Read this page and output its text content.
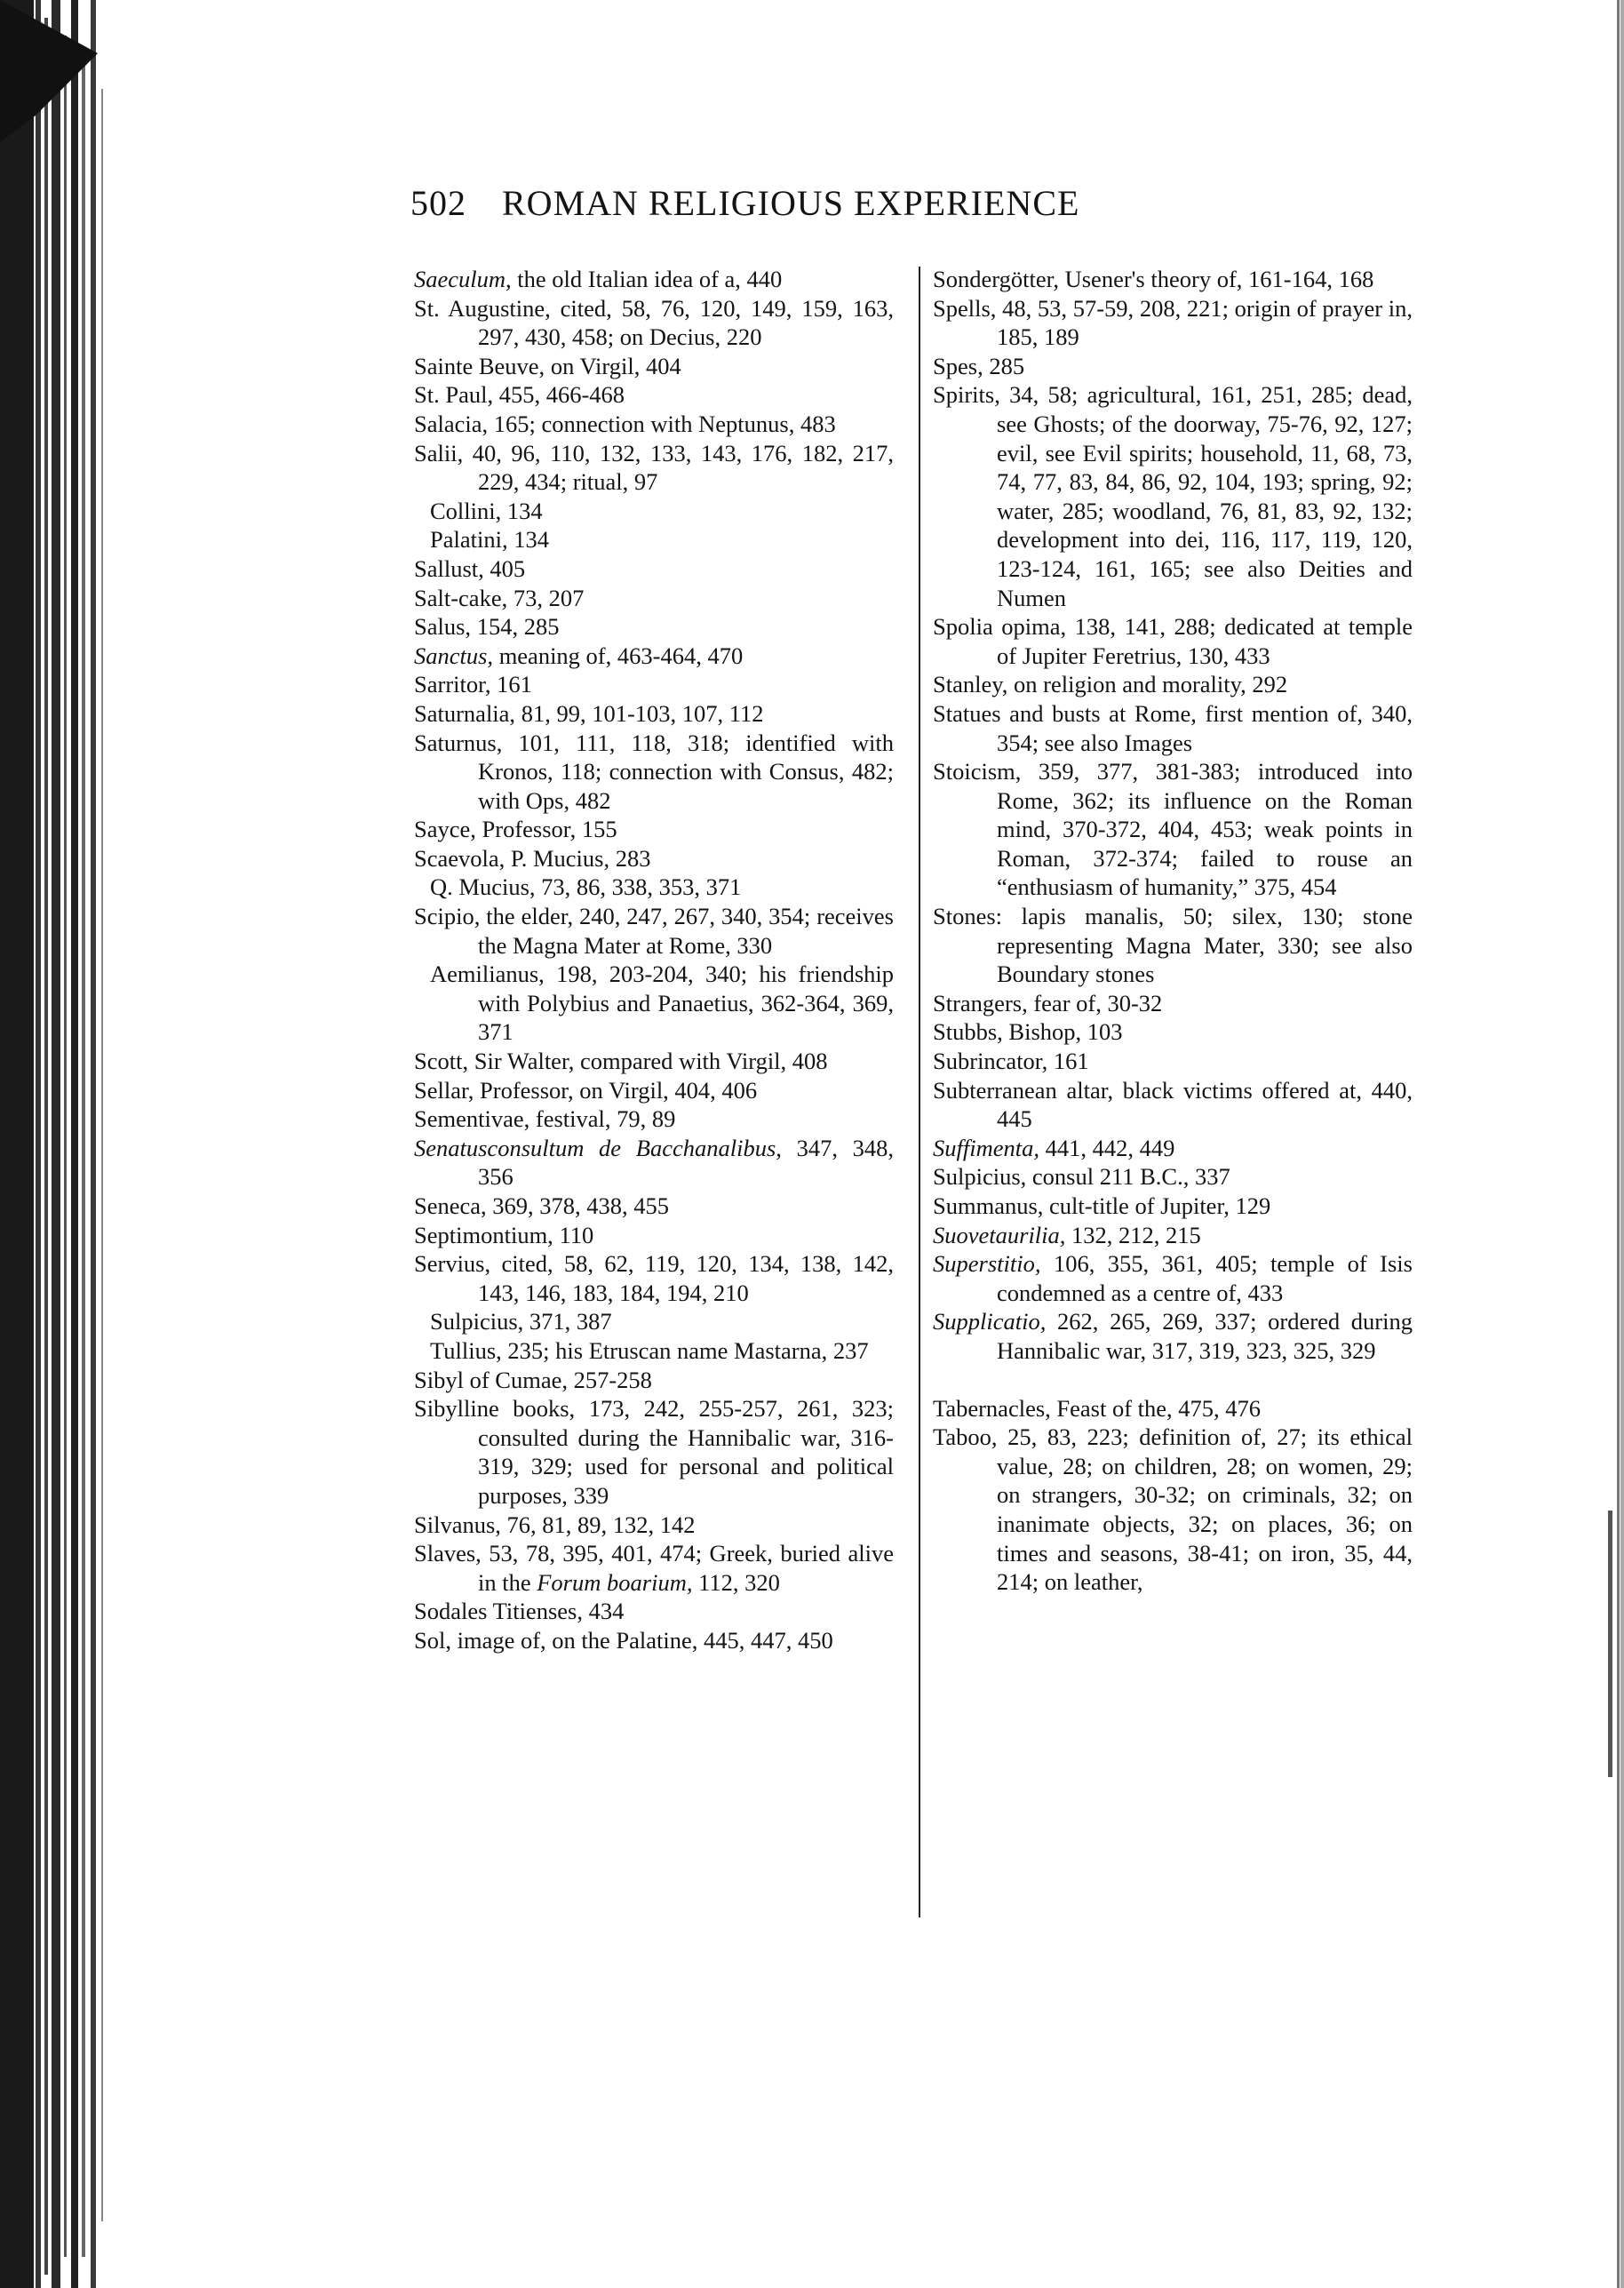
502 ROMAN RELIGIOUS EXPERIENCE

Saeculum, the old Italian idea of a, 440

St. Augustine, cited, 58, 76, 120, 149, 159, 163, 297, 430, 458; on Decius, 220

Sainte Beuve, on Virgil, 404

St. Paul, 455, 466-468

Salacia, 165; connection with Neptunus, 483

Salii, 40, 96, 110, 132, 133, 143, 176, 182, 217, 229, 434; ritual, 97

Collini, 134

Palatini, 134

Sallust, 405

Salt-cake, 73, 207

Salus, 154, 285

Sanctus, meaning of, 463-464, 470

Sarritor, 161

Saturnalia, 81, 99, 101-103, 107, 112

Saturnus, 101, 111, 118, 318; identified with Kronos, 118; connection with Consus, 482; with Ops, 482

Sayce, Professor, 155

Scaevola, P. Mucius, 283

Q. Mucius, 73, 86, 338, 353, 371

Scipio, the elder, 240, 247, 267, 340, 354; receives the Magna Mater at Rome, 330

Aemilianus, 198, 203-204, 340; his friendship with Polybius and Panaetius, 362-364, 369, 371

Scott, Sir Walter, compared with Virgil, 408

Sellar, Professor, on Virgil, 404, 406

Sementivae, festival, 79, 89

Senatusconsultum de Bacchanalibus, 347, 348, 356

Seneca, 369, 378, 438, 455

Septimontium, 110

Servius, cited, 58, 62, 119, 120, 134, 138, 142, 143, 146, 183, 184, 194, 210

Sulpicius, 371, 387

Tullius, 235; his Etruscan name Mastarna, 237

Sibyl of Cumae, 257-258

Sibylline books, 173, 242, 255-257, 261, 323; consulted during the Hannibalic war, 316-319, 329; used for personal and political purposes, 339

Silvanus, 76, 81, 89, 132, 142

Slaves, 53, 78, 395, 401, 474; Greek, buried alive in the Forum boarium, 112, 320

Sodales Titienses, 434

Sol, image of, on the Palatine, 445, 447, 450

Sondergötter, Usener's theory of, 161-164, 168

Spells, 48, 53, 57-59, 208, 221; origin of prayer in, 185, 189

Spes, 285

Spirits, 34, 58; agricultural, 161, 251, 285; dead, see Ghosts; of the doorway, 75-76, 92, 127; evil, see Evil spirits; household, 11, 68, 73, 74, 77, 83, 84, 86, 92, 104, 193; spring, 92; water, 285; woodland, 76, 81, 83, 92, 132; development into dei, 116, 117, 119, 120, 123-124, 161, 165; see also Deities and Numen

Spolia opima, 138, 141, 288; dedicated at temple of Jupiter Feretrius, 130, 433

Stanley, on religion and morality, 292

Statues and busts at Rome, first mention of, 340, 354; see also Images

Stoicism, 359, 377, 381-383; introduced into Rome, 362; its influence on the Roman mind, 370-372, 404, 453; weak points in Roman, 372-374; failed to rouse an “enthusiasm of humanity,” 375, 454

Stones: lapis manalis, 50; silex, 130; stone representing Magna Mater, 330; see also Boundary stones

Strangers, fear of, 30-32

Stubbs, Bishop, 103

Subrincator, 161

Subterranean altar, black victims offered at, 440, 445

Suffimenta, 441, 442, 449

Sulpicius, consul 211 B.C., 337

Summanus, cult-title of Jupiter, 129

Suovetaurilia, 132, 212, 215

Superstitio, 106, 355, 361, 405; temple of Isis condemned as a centre of, 433

Supplicatio, 262, 265, 269, 337; ordered during Hannibalic war, 317, 319, 323, 325, 329

Tabernacles, Feast of the, 475, 476

Taboo, 25, 83, 223; definition of, 27; its ethical value, 28; on children, 28; on women, 29; on strangers, 30-32; on criminals, 32; on inanimate objects, 32; on places, 36; on times and seasons, 38-41; on iron, 35, 44, 214; on leather,
